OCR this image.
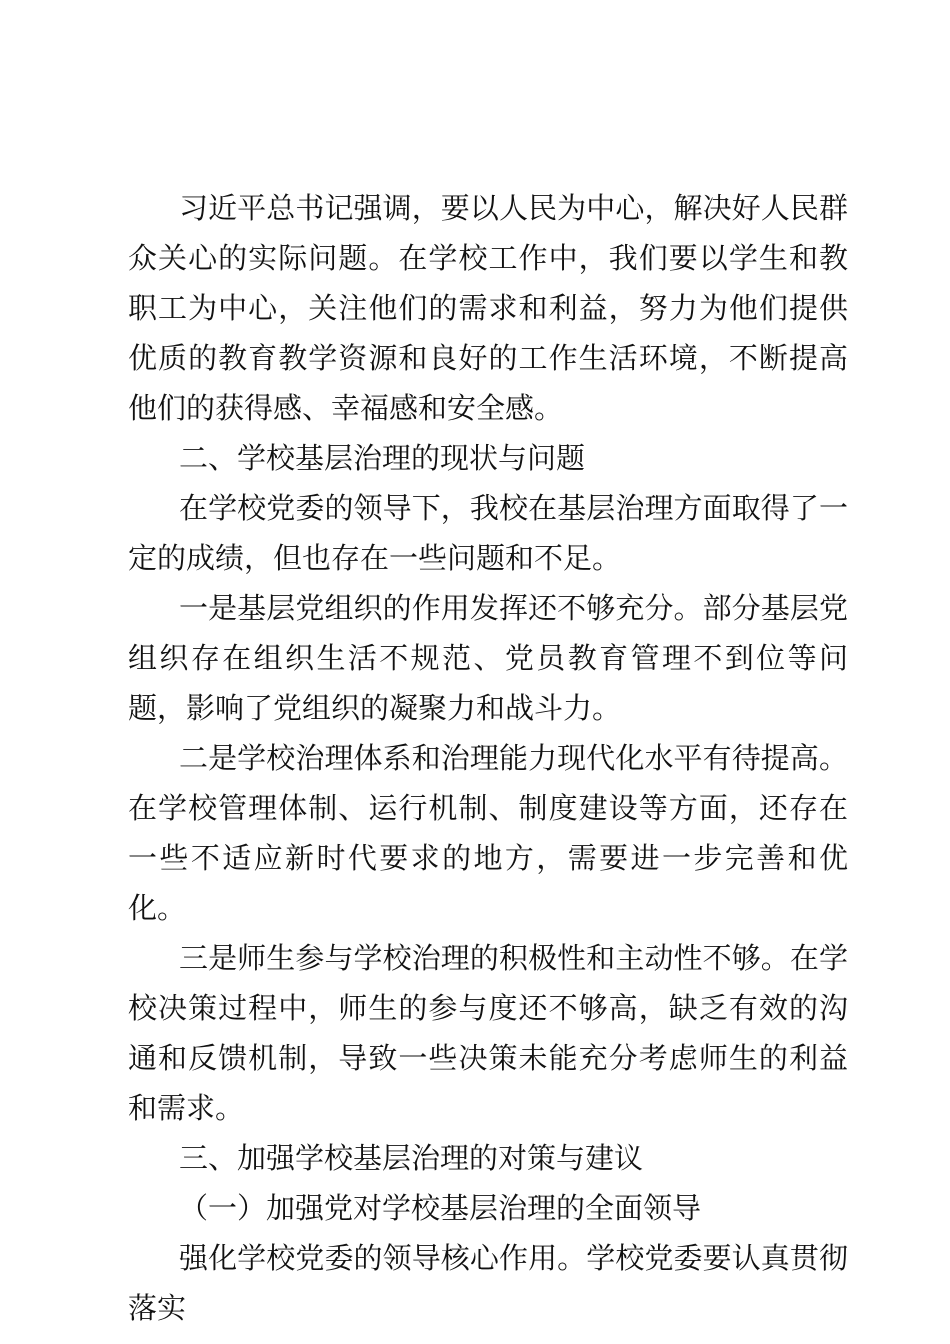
习近平总书记强调，要以人民为中心，解决好人民群众关心的实际问题。在学校工作中，我们要以学生和教职工为中心，关注他们的需求和利益，努力为他们提供优质的教育教学资源和良好的工作生活环境，不断提高他们的获得感、幸福感和安全感。

二、学校基层治理的现状与问题

在学校党委的领导下，我校在基层治理方面取得了一定的成绩，但也存在一些问题和不足。

一是基层党组织的作用发挥还不够充分。部分基层党组织存在组织生活不规范、党员教育管理不到位等问题，影响了党组织的凝聚力和战斗力。

二是学校治理体系和治理能力现代化水平有待提高。在学校管理体制、运行机制、制度建设等方面，还存在一些不适应新时代要求的地方，需要进一步完善和优化。

三是师生参与学校治理的积极性和主动性不够。在学校决策过程中，师生的参与度还不够高，缺乏有效的沟通和反馈机制，导致一些决策未能充分考虑师生的利益和需求。

三、加强学校基层治理的对策与建议

（一）加强党对学校基层治理的全面领导

强化学校党委的领导核心作用。学校党委要认真贯彻落实
